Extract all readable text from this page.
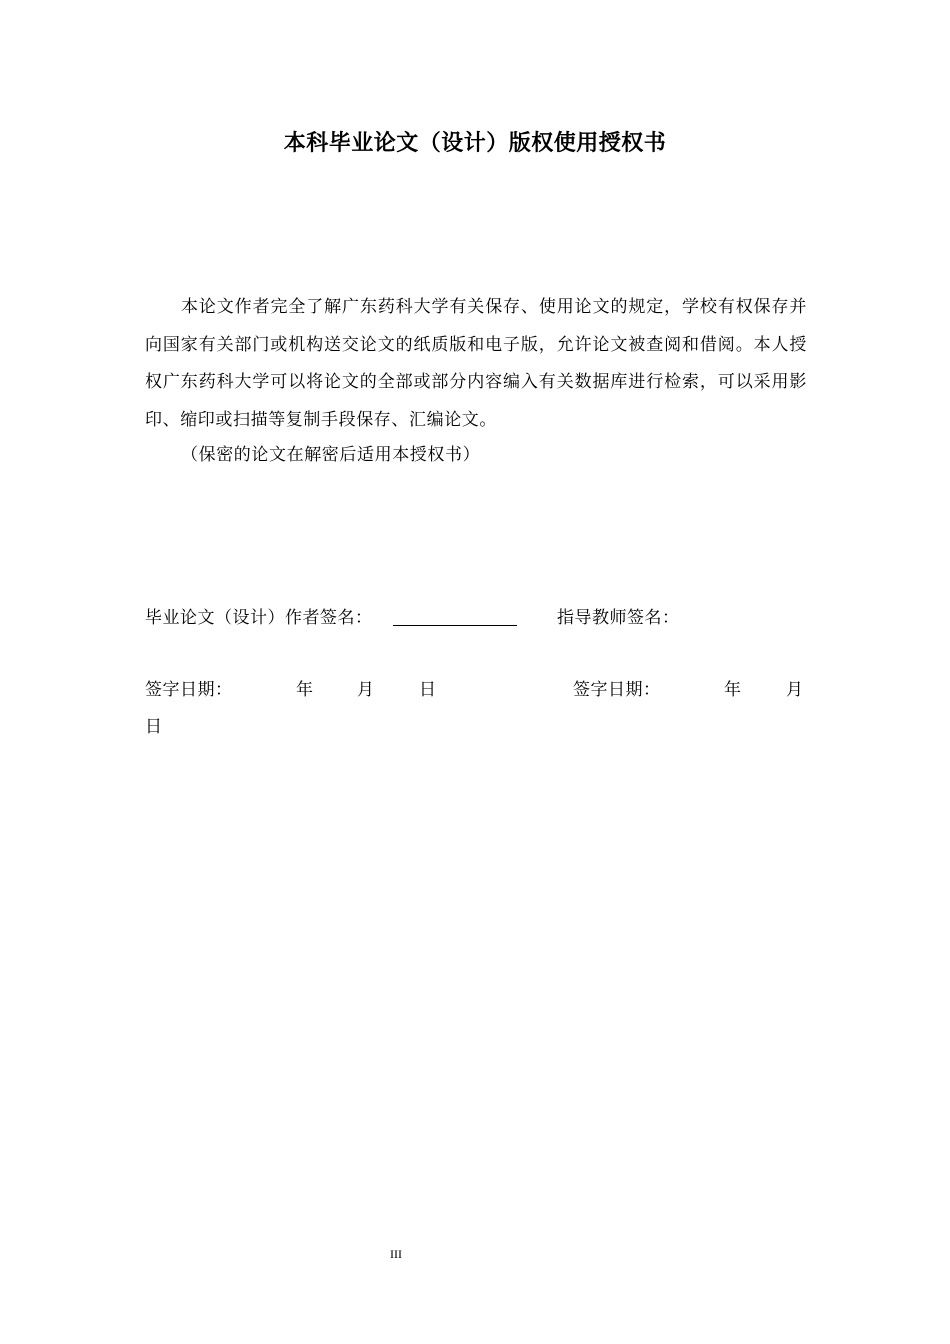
本科毕业论文（设计）版权使用授权书

本论文作者完全了解广东药科大学有关保存、使用论文的规定，学校有权保存并向国家有关部门或机构送交论文的纸质版和电子版，允许论文被查阅和借阅。本人授权广东药科大学可以将论文的全部或部分内容编入有关数据库进行检索，可以采用影印、缩印或扫描等复制手段保存、汇编论文。

（保密的论文在解密后适用本授权书）
毕业论文（设计）作者签名：	指导教师签名：
签字日期：	年	月	日	签字日期：	年	月
日
III
